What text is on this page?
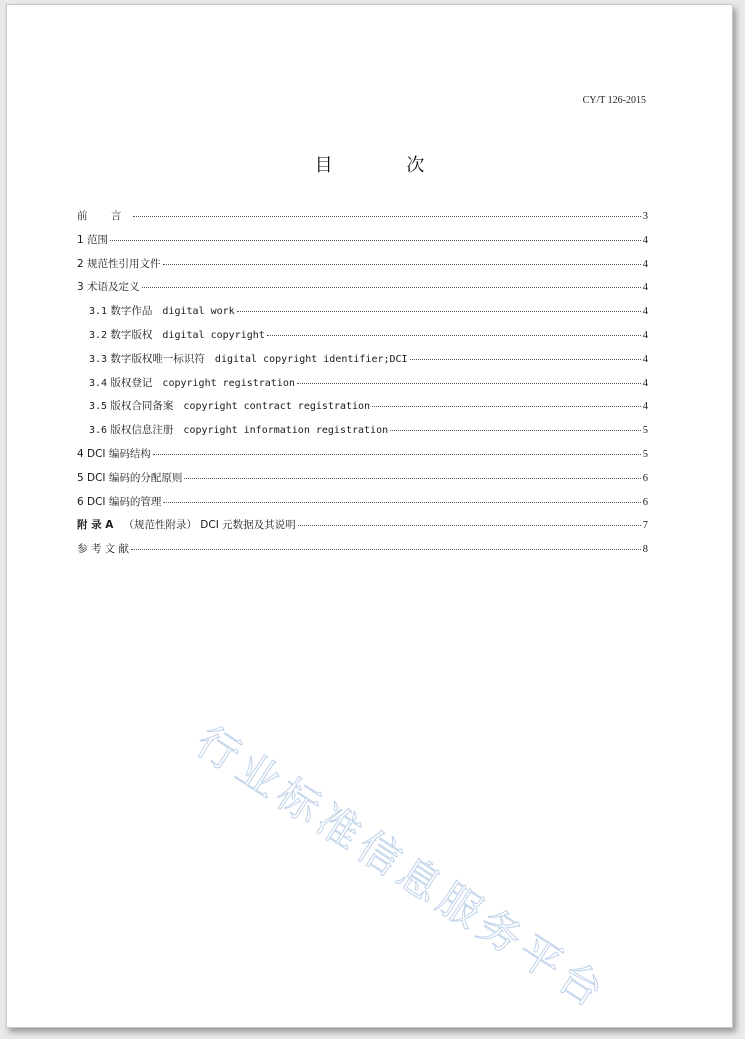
CY/T 126-2015
目 次
前 言	3
1 范围	4
2 规范性引用文件	4
3 术语及定义	4
3.1 数字作品 digital work	4
3.2 数字版权 digital copyright	4
3.3 数字版权唯一标识符 digital copyright identifier;DCI	4
3.4 版权登记 copyright registration	4
3.5 版权合同备案 copyright contract registration	4
3.6 版权信息注册 copyright information registration	5
4 DCI 编码结构	5
5 DCI 编码的分配原则	6
6 DCI 编码的管理	6
附 录 A （规范性附录） DCI 元数据及其说明	7
参 考 文 献	8
行业标准信息服务平台
